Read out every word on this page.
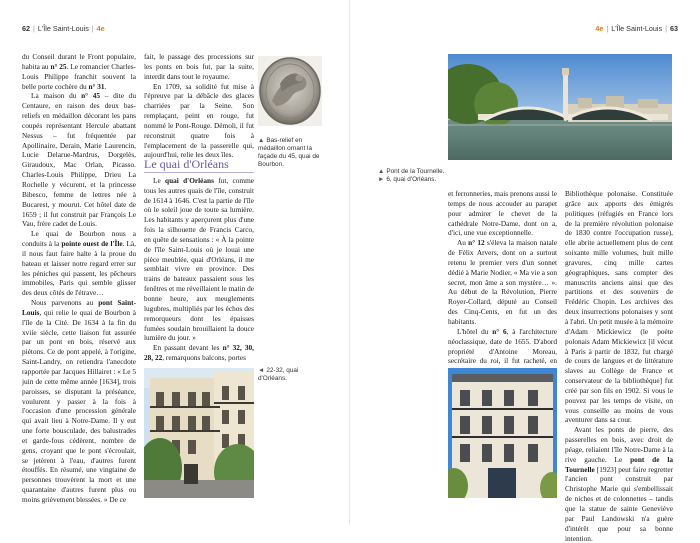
62 | L'Île Saint-Louis | 4e

du Conseil durant le Front populaire, habita au n° 25. Le romancier Charles-Louis Philippe franchit souvent la belle porte cochère du n° 31.

La maison du n° 45 – dite du Centaure, en raison des deux bas-reliefs en médaillon décorant les pans coupés représentant Hercule abattant Nessus – fut fréquentée par Apollinaire, Derain, Marie Laurencin, Lucie Delarue-Mardrus, Dorgelès, Giraudoux, Mac Orlan, Picasso. Charles-Louis Philippe, Drieu La Rochelle y vécurent, et la princesse Bibesco, femme de lettres née à Bucarest, y mourut. Cet hôtel date de 1659 ; il fut construit par François Le Vau, frère cadet de Louis.

Le quai de Bourbon nous a conduits à la pointe ouest de l'Île. Là, il nous faut faire halte à la proue du bateau et laisser notre regard errer sur les péniches qui passent, les pêcheurs immobiles, Paris qui semble glisser des deux côtés de l'étrave…

Nous parvenons au pont Saint-Louis, qui relie le quai de Bourbon à l'île de la Cité. De 1634 à la fin du xviie siècle, cette liaison fut assurée par un pont en bois, réservé aux piétons. Ce de pont appelé, à l'origine, Saint-Landry, on retiendra l'anecdote rapportée par Jacques Hillairet : « Le 5 juin de cette même année [1634], trois paroisses, se disputant la préséance, voulurent y passer à la fois à l'occasion d'une procession générale qui avait lieu à Notre-Dame. Il y eut une forte bousculade, des balustrades et garde-fous cédèrent, nombre de gens, croyant que le pont s'écroulait, se jetèrent à l'eau, d'autres furent étouffés. En résumé, une vingtaine de personnes trouvèrent la mort et une quarantaine d'autres furent plus ou moins grièvement blessées. » De ce

fait, le passage des processions sur les ponts en bois fut, par la suite, interdit dans tout le royaume.

En 1709, sa solidité fut mise à l'épreuve par la débâcle des glaces charriées par la Seine. Son remplaçant, peint en rouge, fut nommé le Pont-Rouge. Démoli, il fut reconstruit quatre fois à l'emplacement de la passerelle qui, aujourd'hui, relie les deux îles.

▲ Bas-relief en médaillon ornant la façade du 45, quai de Bourbon.
Le quai d'Orléans

Le quai d'Orléans fut, comme tous les autres quais de l'île, construit de 1614 à 1646. C'est la partie de l'île où le soleil joue de toute sa lumière. Les habitants y aperçurent plus d'une fois la silhouette de Francis Carco, en quête de sensations : « À la pointe de l'île Saint-Louis où je louai une pièce meublée, quai d'Orléans, il me semblait vivre en province. Des trains de bateaux passaient sous les fenêtres et me réveillaient le matin de bonne heure, aux meuglements lugubres, multipliés par les échos des remorqueurs dont les épaisses fumées soudain brouillaient la douce lumière du jour. »

En passant devant les n° 32, 30, 28, 22, remarquons balcons, portes

◄ 22-32, quai d'Orléans.
4e | L'Île Saint-Louis | 63
▲ Pont de la Tournelle.
► 6, quai d'Orléans.

et ferronneries, mais prenons aussi le temps de nous accouder au parapet pour admirer le chevet de la cathédrale Notre-Dame, dont on a, d'ici, une vue exceptionnelle.

Au n° 12 s'éleva la maison natale de Félix Arvers, dont on a surtout retenu le premier vers d'un sonnet dédié à Marie Nodier, « Ma vie a son secret, mon âme a son mystère… ». Au début de la Révolution, Pierre Royer-Collard, député au Conseil des Cinq-Cents, en fut un des habitants.

L'hôtel du n° 6, à l'architecture néoclassique, date de 1655. D'abord propriété d'Antoine Moreau, secrétaire du roi, il fut racheté, en

Bibliothèque polonaise. Constituée grâce aux apports des émigrés politiques (réfugiés en France lors de la première révolution polonaise de 1830 contre l'occupation russe), elle abrite actuellement plus de cent soixante mille volumes, huit mille gravures, cinq mille cartes géographiques, sans compter des manuscrits anciens ainsi que des partitions et des souvenirs de Frédéric Chopin. Les archives des deux insurrections polonaises y sont à l'abri. Un petit musée à la mémoire d'Adam Mickiewicz (le poète polonais Adam Mickiewicz [il vécut à Paris à partir de 1832, fut chargé de cours de langues et de littérature slaves au Collège de France et conservateur de la bibliothèque] fut créé par son fils en 1902. Si vous le pouvez par les temps de visite, on vous conseille au moins de vous aventurer dans sa cour.

Avant les ponts de pierre, des passerelles en bois, avec droit de péage, reliaient l'île Notre-Dame à la rive gauche. Le pont de la Tournelle [1923] peut faire regretter l'ancien pont construit par Christophe Marie qui s'embellissait de niches et de colonnettes – tandis que la statue de sainte Geneviève par Paul Landowski n'a guère d'intérêt que pour sa bonne intention.
